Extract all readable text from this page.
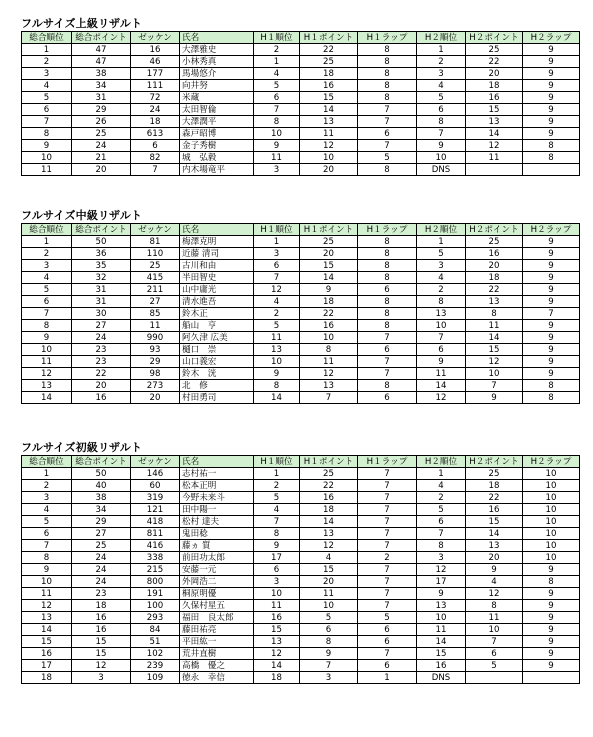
フルサイズ上級リザルト
総合順位	総合ポイント	ゼッケン	氏名	H１順位	H１ポイント	H１ラップ	H２順位	H２ポイント	H２ラップ
1	47	16	大澤雅史	2	22	8	1	25	9
2	47	46	小林秀真	1	25	8	2	22	9
3	38	177	馬場悠介	4	18	8	3	20	9
4	34	111	向井努	5	16	8	4	18	9
5	31	72	米蔵	6	15	8	5	16	9
6	29	24	太田智倫	7	14	7	6	15	9
7	26	18	大澤潤平	8	13	7	8	13	9
8	25	613	森戸昭博	10	11	6	7	14	9
9	24	6	金子秀樹	9	12	7	9	12	8
10	21	82	城　弘毅	11	10	5	10	11	8
11	20	7	内木場竜平	3	20	8	DNS		
フルサイズ中級リザルト
総合順位	総合ポイント	ゼッケン	氏名	H１順位	H１ポイント	H１ラップ	H２順位	H２ポイント	H２ラップ
1	50	81	梅澤克明	1	25	8	1	25	9
2	36	110	近藤 清司	3	20	8	5	16	9
3	35	25	古川和由	6	15	8	3	20	9
4	32	415	半田智史	7	14	8	4	18	9
5	31	211	山中庸光	12	9	6	2	22	9
6	31	27	清水進吾	4	18	8	8	13	9
7	30	85	鈴木正	2	22	8	13	8	7
8	27	11	船山　亨	5	16	8	10	11	9
9	24	990	阿久津 広美	11	10	7	7	14	9
10	23	93	樋口　崇	13	8	6	6	15	9
11	23	29	山口義宏	10	11	7	9	12	9
12	22	98	鈴木　洸	9	12	7	11	10	9
13	20	273	北　修	8	13	8	14	7	8
14	16	20	村田勇司	14	7	6	12	9	8
フルサイズ初級リザルト
総合順位	総合ポイント	ゼッケン	氏名	H１順位	H１ポイント	H１ラップ	H２順位	H２ポイント	H２ラップ
1	50	146	志村祐一	1	25	7	1	25	10
2	40	60	松本正明	2	22	7	4	18	10
3	38	319	今野未来斗	5	16	7	2	22	10
4	34	121	田中陽一	4	18	7	5	16	10
5	29	418	松村 達夫	7	14	7	6	15	10
6	27	811	鬼田稔	8	13	7	7	14	10
7	25	416	藤ヵ 質	9	12	7	8	13	10
8	24	338	前田功太郎	17	4	2	3	20	10
9	24	215	安藤一元	6	15	7	12	9	9
10	24	800	外岡浩二	3	20	7	17	4	8
11	23	191	桐原明優	10	11	7	9	12	9
12	18	100	久保村星五	11	10	7	13	8	9
13	16	293	福田　良太郎	16	5	5	10	11	9
14	16	84	藤田祐亮	15	6	6	11	10	9
15	15	51	平田紘一	13	8	6	14	7	9
16	15	102	荒井直樹	12	9	7	15	6	9
17	12	239	高橋　優之	14	7	6	16	5	9
18	3	109	徳永　幸信	18	3	1	DNS		
